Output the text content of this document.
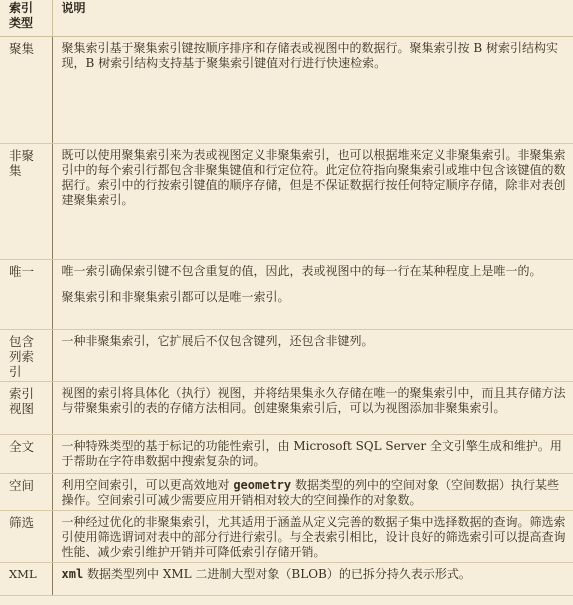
索引
类型	说明
聚集	聚集索引基于聚集索引键按顺序排序和存储表或视图中的数据行。聚集索引按 B 树索引结构实现，B 树索引结构支持基于聚集索引键值对行进行快速检索。

非聚
集	既可以使用聚集索引来为表或视图定义非聚集索引，也可以根据堆来定义非聚集索引。非聚集索引中的每个索引行都包含非聚集键值和行定位符。此定位符指向聚集索引或堆中包含该键值的数据行。索引中的行按索引键值的顺序存储，但是不保证数据行按任何特定顺序存储，除非对表创建聚集索引。

唯一	唯一索引确保索引键不包含重复的值，因此，表或视图中的每一行在某种程度上是唯一的。

聚集索引和非聚集索引都可以是唯一索引。

包含
列索
引	一种非聚集索引，它扩展后不仅包含键列，还包含非键列。

索引
视图	视图的索引将具体化（执行）视图，并将结果集永久存储在唯一的聚集索引中，而且其存储方法与带聚集索引的表的存储方法相同。创建聚集索引后，可以为视图添加非聚集索引。

全文	一种特殊类型的基于标记的功能性索引，由 Microsoft SQL Server 全文引擎生成和维护。用于帮助在字符串数据中搜索复杂的词。

空间	利用空间索引，可以更高效地对 geometry 数据类型的列中的空间对象（空间数据）执行某些操作。空间索引可减少需要应用开销相对较大的空间操作的对象数。

筛选	一种经过优化的非聚集索引，尤其适用于涵盖从定义完善的数据子集中选择数据的查询。筛选索引使用筛选谓词对表中的部分行进行索引。与全表索引相比，设计良好的筛选索引可以提高查询性能、减少索引维护开销并可降低索引存储开销。

XML	xml 数据类型列中 XML 二进制大型对象（BLOB）的已拆分持久表示形式。
